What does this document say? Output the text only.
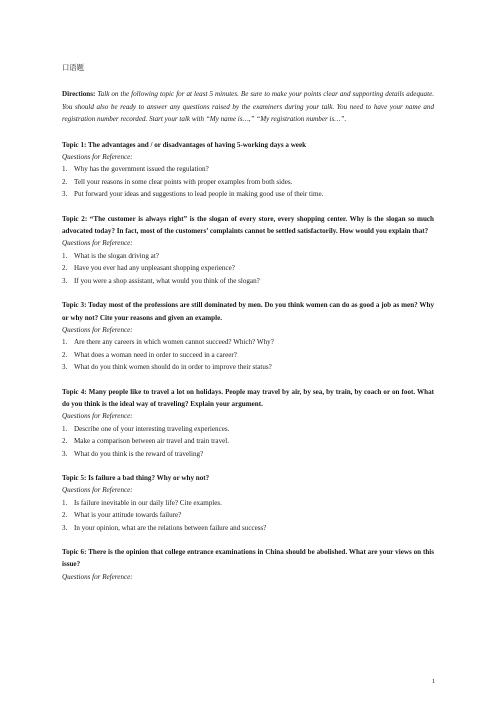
口语题
Directions: Talk on the following topic for at least 5 minutes. Be sure to make your points clear and supporting details adequate. You should also be ready to answer any questions raised by the examiners during your talk. You need to have your name and registration number recorded. Start your talk with “My name is…,” “My registration number is…”.
Topic 1: The advantages and / or disadvantages of having 5-working days a week
Questions for Reference:
1. Why has the government issued the regulation?
2. Tell your reasons in some clear points with proper examples from both sides.
3. Put forward your ideas and suggestions to lead people in making good use of their time.
Topic 2: “The customer is always right” is the slogan of every store, every shopping center. Why is the slogan so much advocated today? In fact, most of the customers’ complaints cannot be settled satisfactorily. How would you explain that?
Questions for Reference:
1. What is the slogan driving at?
2. Have you ever had any unpleasant shopping experience?
3. If you were a shop assistant, what would you think of the slogan?
Topic 3: Today most of the professions are still dominated by men. Do you think women can do as good a job as men? Why or why not? Cite your reasons and given an example.
Questions for Reference:
1. Are there any careers in which women cannot succeed? Which? Why?
2. What does a woman need in order to succeed in a career?
3. What do you think women should do in order to improve their status?
Topic 4: Many people like to travel a lot on holidays. People may travel by air, by sea, by train, by coach or on foot. What do you think is the ideal way of traveling? Explain your argument.
Questions for Reference:
1. Describe one of your interesting traveling experiences.
2. Make a comparison between air travel and train travel.
3. What do you think is the reward of traveling?
Topic 5: Is failure a bad thing? Why or why not?
Questions for Reference:
1. Is failure inevitable in our daily life? Cite examples.
2. What is your attitude towards failure?
3. In your opinion, what are the relations between failure and success?
Topic 6: There is the opinion that college entrance examinations in China should be abolished. What are your views on this issue?
Questions for Reference:
1
